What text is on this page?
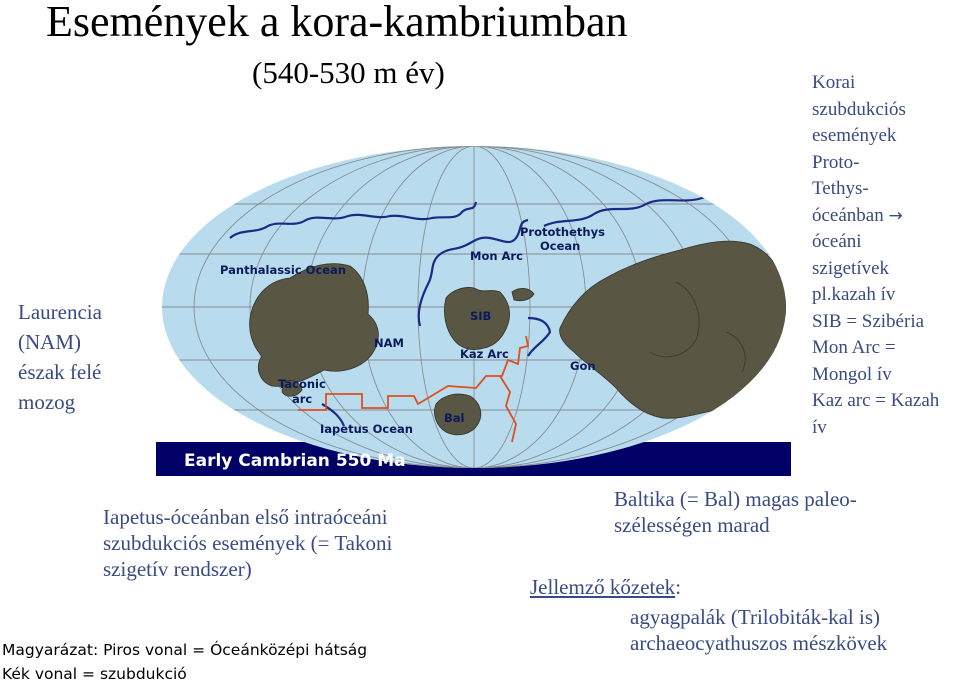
Események a kora-kambriumban
(540-530 m év)
Laurencia
(NAM)
észak felé
mozog
Korai
szubdukciós
események
Proto-
Tethys-
óceánban →
óceáni
szigetívek
pl.kazah ív
SIB = Szibéria
Mon Arc =
Mongol ív
Kaz arc = Kazah
ív
Panthalassic Ocean
Protothethys
Ocean
Mon Arc
SIB
NAM
Kaz Arc
Gon
Taconic
arc
Iapetus Ocean
Bal
Early Cambrian 550 Ma
Iapetus-óceánban első intraóceáni
szubdukciós események (= Takoni
szigetív rendszer)
Baltika (= Bal) magas paleo-
szélességen marad
Jellemző kőzetek:
agyagpalák (Trilobiták-kal is)
archaeocyathuszos mészkövek
Magyarázat: Piros vonal = Óceánközépi hátság
Kék vonal = szubdukció
